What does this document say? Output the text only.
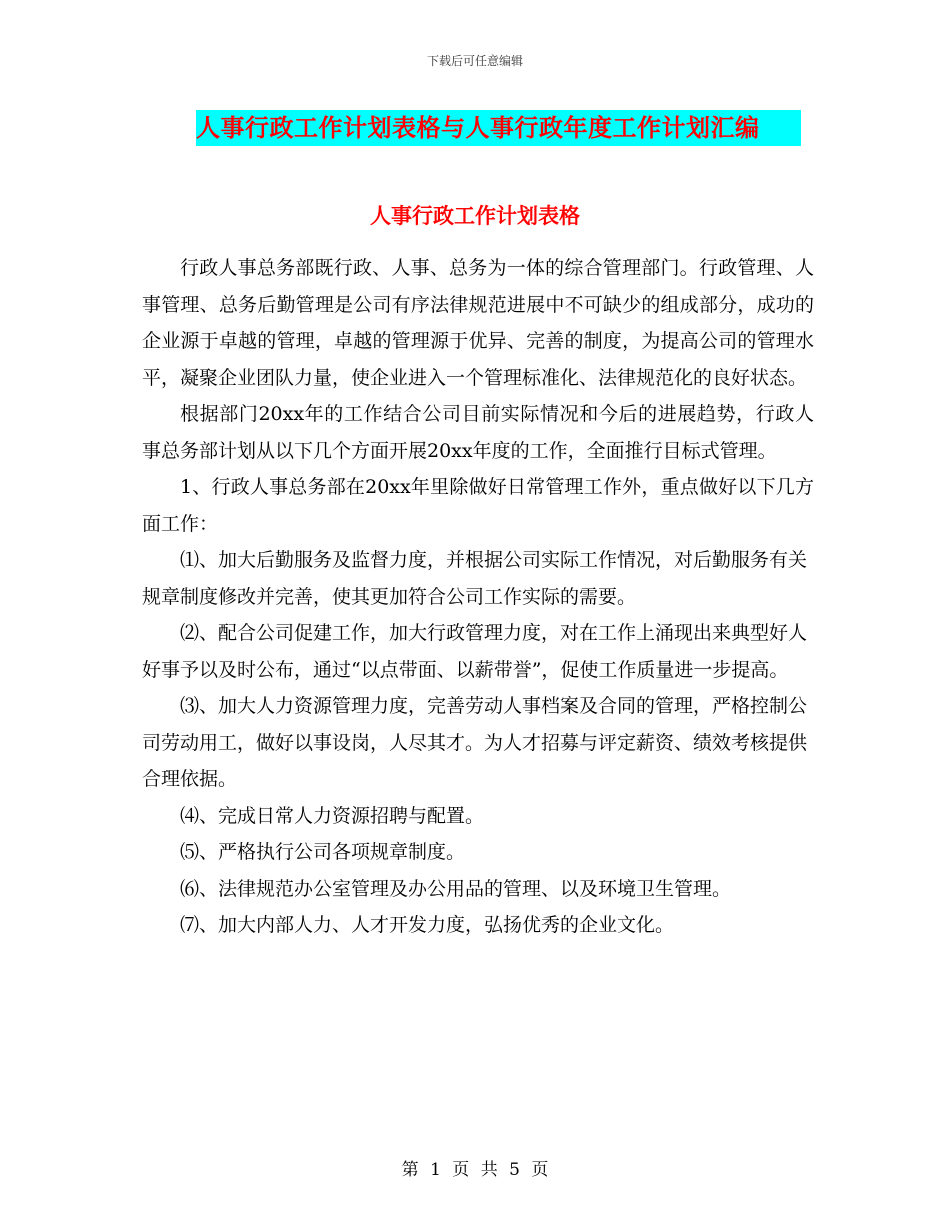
下载后可任意编辑
人事行政工作计划表格与人事行政年度工作计划汇编
人事行政工作计划表格

行政人事总务部既行政、人事、总务为一体的综合管理部门。行政管理、人事管理、总务后勤管理是公司有序法律规范进展中不可缺少的组成部分，成功的企业源于卓越的管理，卓越的管理源于优异、完善的制度，为提高公司的管理水平，凝聚企业团队力量，使企业进入一个管理标准化、法律规范化的良好状态。

根据部门20xx年的工作结合公司目前实际情况和今后的进展趋势，行政人事总务部计划从以下几个方面开展20xx年度的工作，全面推行目标式管理。

1、行政人事总务部在20xx年里除做好日常管理工作外，重点做好以下几方面工作：

⑴、加大后勤服务及监督力度，并根据公司实际工作情况，对后勤服务有关规章制度修改并完善，使其更加符合公司工作实际的需要。

⑵、配合公司促建工作，加大行政管理力度，对在工作上涌现出来典型好人好事予以及时公布，通过“以点带面、以薪带誉”，促使工作质量进一步提高。

⑶、加大人力资源管理力度，完善劳动人事档案及合同的管理，严格控制公司劳动用工，做好以事设岗，人尽其才。为人才招募与评定薪资、绩效考核提供合理依据。

⑷、完成日常人力资源招聘与配置。

⑸、严格执行公司各项规章制度。

⑹、法律规范办公室管理及办公用品的管理、以及环境卫生管理。

⑺、加大内部人力、人才开发力度，弘扬优秀的企业文化。

第 1 页 共 5 页
